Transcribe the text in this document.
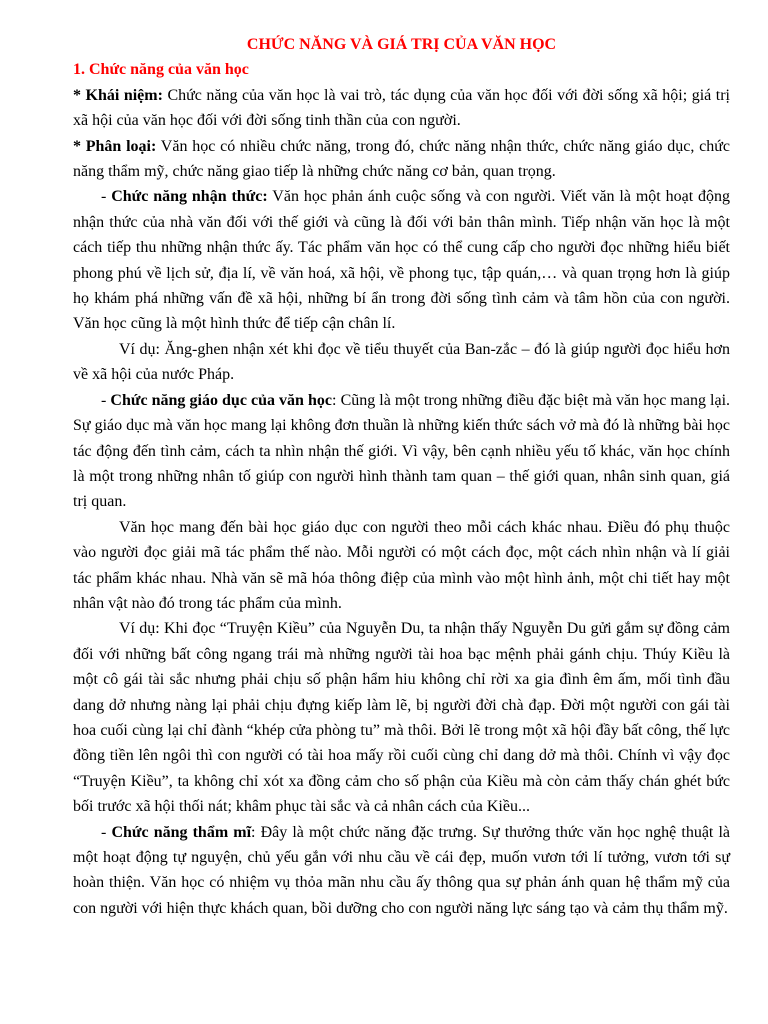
CHỨC NĂNG VÀ GIÁ TRỊ CỦA VĂN HỌC

1. Chức năng của văn học

* Khái niệm: Chức năng của văn học là vai trò, tác dụng của văn học đối với đời sống xã hội; giá trị xã hội của văn học đối với đời sống tinh thần của con người.

* Phân loại: Văn học có nhiều chức năng, trong đó, chức năng nhận thức, chức năng giáo dục, chức năng thẩm mỹ, chức năng giao tiếp là những chức năng cơ bản, quan trọng.

- Chức năng nhận thức: Văn học phản ánh cuộc sống và con người. Viết văn là một hoạt động nhận thức của nhà văn đối với thế giới và cũng là đối với bản thân mình. Tiếp nhận văn học là một cách tiếp thu những nhận thức ấy. Tác phẩm văn học có thể cung cấp cho người đọc những hiểu biết phong phú về lịch sử, địa lí, về văn hoá, xã hội, về phong tục, tập quán,… và quan trọng hơn là giúp họ khám phá những vấn đề xã hội, những bí ẩn trong đời sống tình cảm và tâm hồn của con người. Văn học cũng là một hình thức để tiếp cận chân lí.

Ví dụ: Ăng-ghen nhận xét khi đọc về tiểu thuyết của Ban-zắc – đó là giúp người đọc hiểu hơn về xã hội của nước Pháp.

- Chức năng giáo dục của văn học: Cũng là một trong những điều đặc biệt mà văn học mang lại. Sự giáo dục mà văn học mang lại không đơn thuần là những kiến thức sách vở mà đó là những bài học tác động đến tình cảm, cách ta nhìn nhận thế giới. Vì vậy, bên cạnh nhiều yếu tố khác, văn học chính là một trong những nhân tố giúp con người hình thành tam quan – thế giới quan, nhân sinh quan, giá trị quan.

Văn học mang đến bài học giáo dục con người theo mỗi cách khác nhau. Điều đó phụ thuộc vào người đọc giải mã tác phẩm thế nào. Mỗi người có một cách đọc, một cách nhìn nhận và lí giải tác phẩm khác nhau. Nhà văn sẽ mã hóa thông điệp của mình vào một hình ảnh, một chi tiết hay một nhân vật nào đó trong tác phẩm của mình.

Ví dụ: Khi đọc “Truyện Kiều” của Nguyễn Du, ta nhận thấy Nguyễn Du gửi gắm sự đồng cảm đối với những bất công ngang trái mà những người tài hoa bạc mệnh phải gánh chịu. Thúy Kiều là một cô gái tài sắc nhưng phải chịu số phận hẩm hiu không chỉ rời xa gia đình êm ấm, mối tình đầu dang dở nhưng nàng lại phải chịu đựng kiếp làm lẽ, bị người đời chà đạp. Đời một người con gái tài hoa cuối cùng lại chỉ đành “khép cửa phòng tu” mà thôi. Bởi lẽ trong một xã hội đầy bất công, thế lực đồng tiền lên ngôi thì con người có tài hoa mấy rồi cuối cùng chỉ dang dở mà thôi. Chính vì vậy đọc “Truyện Kiều”, ta không chỉ xót xa đồng cảm cho số phận của Kiều mà còn cảm thấy chán ghét bức bối trước xã hội thối nát; khâm phục tài sắc và cả nhân cách của Kiều...

- Chức năng thẩm mĩ: Đây là một chức năng đặc trưng. Sự thưởng thức văn học nghệ thuật là một hoạt động tự nguyện, chủ yếu gắn với nhu cầu về cái đẹp, muốn vươn tới lí tưởng, vươn tới sự hoàn thiện. Văn học có nhiệm vụ thỏa mãn nhu cầu ấy thông qua sự phản ánh quan hệ thẩm mỹ của con người với hiện thực khách quan, bồi dưỡng cho con người năng lực sáng tạo và cảm thụ thẩm mỹ.
